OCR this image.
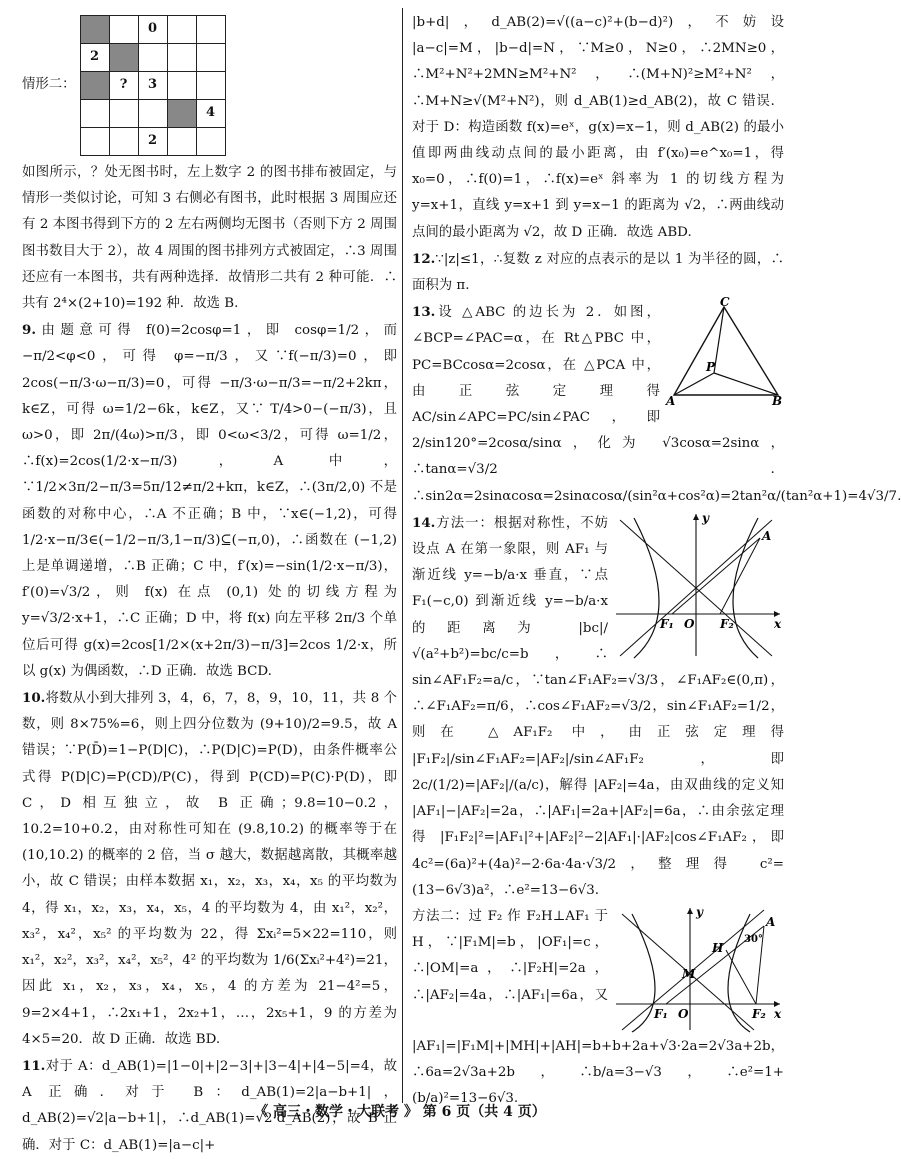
情形二：
		0		
2				
	?	3		
				4
		2		

如图所示，？处无图书时，左上数字 2 的图书排布被固定，与情形一类似讨论，可知 3 右侧必有图书，此时根据 3 周围应还有 2 本图书得到下方的 2 左右两侧均无图书（否则下方 2 周围图书数目大于 2），故 4 周围的图书排列方式被固定，∴3 周围还应有一本图书，共有两种选择．故情形二共有 2 种可能．∴共有 2⁴×(2+10)=192 种．故选 B.

9.由题意可得 f(0)=2cosφ=1，即 cosφ=1/2，而 −π/2<φ<0，可得 φ=−π/3，又∵f(−π/3)=0，即 2cos(−π/3·ω−π/3)=0，可得 −π/3·ω−π/3=−π/2+2kπ，k∈Z，可得 ω=1/2−6k，k∈Z，又∵ T/4>0−(−π/3)，且 ω>0，即 2π/(4ω)>π/3，即 0<ω<3/2，可得 ω=1/2，∴f(x)=2cos(1/2·x−π/3)，A 中，∵1/2×3π/2−π/3=5π/12≠π/2+kπ，k∈Z，∴(3π/2,0) 不是函数的对称中心，∴A 不正确；B 中，∵x∈(−1,2)，可得 1/2·x−π/3∈(−1/2−π/3,1−π/3)⊆(−π,0)，∴函数在 (−1,2) 上是单调递增，∴B 正确；C 中，f′(x)=−sin(1/2·x−π/3)，f′(0)=√3/2，则 f(x) 在点 (0,1) 处的切线方程为 y=√3/2·x+1，∴C 正确；D 中，将 f(x) 向左平移 2π/3 个单位后可得 g(x)=2cos[1/2×(x+2π/3)−π/3]=2cos 1/2·x，所以 g(x) 为偶函数，∴D 正确．故选 BCD.

10.将数从小到大排列 3，4，6，7，8，9，10，11，共 8 个数，则 8×75%=6，则上四分位数为 (9+10)/2=9.5，故 A 错误；∵P(D̄)=1−P(D|C)，∴P(D|C)=P(D)，由条件概率公式得 P(D|C)=P(CD)/P(C)，得到 P(CD)=P(C)·P(D)，即 C，D 相互独立，故 B 正确；9.8=10−0.2，10.2=10+0.2，由对称性可知在 (9.8,10.2) 的概率等于在 (10,10.2) 的概率的 2 倍，当 σ 越大，数据越离散，其概率越小，故 C 错误；由样本数据 x₁，x₂，x₃，x₄，x₅ 的平均数为 4，得 x₁，x₂，x₃，x₄，x₅，4 的平均数为 4，由 x₁²，x₂²，x₃²，x₄²，x₅² 的平均数为 22，得 Σxᵢ²=5×22=110，则 x₁²，x₂²，x₃²，x₄²，x₅²，4² 的平均数为 1/6(Σxᵢ²+4²)=21，因此 x₁，x₂，x₃，x₄，x₅，4 的方差为 21−4²=5，9=2×4+1，∴2x₁+1，2x₂+1，…，2x₅+1，9 的方差为 4×5=20．故 D 正确．故选 BD.

11.对于 A：d_AB(1)=|1−0|+|2−3|+|3−4|+|4−5|=4，故 A 正确．对于 B：d_AB(1)=2|a−b+1|，d_AB(2)=√2|a−b+1|，∴d_AB(1)=√2·d_AB(2)，故 B 正确．对于 C：d_AB(1)=|a−c|+

|b+d|，d_AB(2)=√((a−c)²+(b−d)²)，不妨设 |a−c|=M，|b−d|=N，∵M≥0，N≥0，∴2MN≥0，∴M²+N²+2MN≥M²+N²，∴(M+N)²≥M²+N²，∴M+N≥√(M²+N²)，则 d_AB(1)≥d_AB(2)，故 C 错误．对于 D：构造函数 f(x)=eˣ，g(x)=x−1，则 d_AB(2) 的最小值即两曲线动点间的最小距离，由 f′(x₀)=e^x₀=1，得 x₀=0，∴f(0)=1，∴f(x)=eˣ 斜率为 1 的切线方程为 y=x+1，直线 y=x+1 到 y=x−1 的距离为 √2，∴两曲线动点间的最小距离为 √2，故 D 正确．故选 ABD.

12.∵|z|≤1，∴复数 z 对应的点表示的是以 1 为半径的圆，∴面积为 π.

A	B
C
P
13.设 △ABC 的边长为 2．如图，∠BCP=∠PAC=α，在 Rt△PBC 中，PC=BCcosα=2cosα，在 △PCA 中，由正弦定理得 AC/sin∠APC=PC/sin∠PAC，即 2/sin120°=2cosα/sinα，化为 √3cosα=2sinα，∴tanα=√3/2．∴sin2α=2sinαcosα=2sinαcosα/(sin²α+cos²α)=2tan²α/(tan²α+1)=4√3/7.

y
x
A
F₁ O F₂
14.方法一：根据对称性，不妨设点 A 在第一象限，则 AF₁ 与渐近线 y=−b/a·x 垂直，∵点 F₁(−c,0) 到渐近线 y=−b/a·x 的距离为 |bc|/√(a²+b²)=bc/c=b，∴ sin∠AF₁F₂=a/c，∵tan∠F₁AF₂=√3/3，∠F₁AF₂∈(0,π)，∴∠F₁AF₂=π/6，∴cos∠F₁AF₂=√3/2，sin∠F₁AF₂=1/2，则在 △AF₁F₂ 中，由正弦定理得 |F₁F₂|/sin∠F₁AF₂=|AF₂|/sin∠AF₁F₂，即 2c/(1/2)=|AF₂|/(a/c)，解得 |AF₂|=4a，由双曲线的定义知 |AF₁|−|AF₂|=2a，∴|AF₁|=2a+|AF₂|=6a，∴由余弦定理得 |F₁F₂|²=|AF₁|²+|AF₂|²−2|AF₁|·|AF₂|cos∠F₁AF₂，即 4c²=(6a)²+(4a)²−2·6a·4a·√3/2，整理得 c²=(13−6√3)a²，∴e²=13−6√3.

y
x
A
H
M
30°
F₁ O	F₂
方法二：过 F₂ 作 F₂H⊥AF₁ 于 H，∵|F₁M|=b，|OF₁|=c，∴|OM|=a，∴|F₂H|=2a，∴|AF₂|=4a，∴|AF₁|=6a，又 |AF₁|=|F₁M|+|MH|+|AH|=b+b+2a+√3·2a=2√3a+2b，∴6a=2√3a+2b，∴b/a=3−√3，∴e²=1+(b/a)²=13−6√3.

《 高三・数学・大联考 》 第 6 页（共 4 页）
